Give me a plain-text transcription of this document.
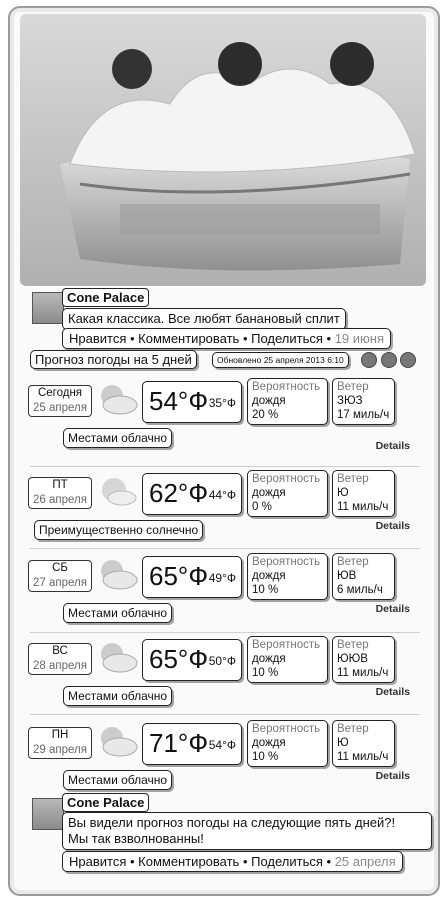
Cone Palace
Какая классика. Все любят банановый сплит
Нравится • Комментировать • Поделиться • 19 июня
Прогноз погоды на 5 дней	Обновлено 25 апреля 2013 6:10
Сегодня
25 апреля 54°Ф 35°Ф
Вероятность
дождя
20 %
Ветер
ЗЮЗ
17 миль/ч
Местами облачно
Details
ПТ
26 апреля 62°Ф 44°Ф
Вероятность
дождя
0 %
Ветер
Ю
11 миль/ч
Преимущественно солнечно	Details
СБ
27 апреля 65°Ф 49°Ф
Вероятность
дождя
10 %
Ветер
ЮВ
6 миль/ч
Местами облачно	Details
ВС
28 апреля 65°Ф 50°Ф
Вероятность
дождя
10 %
Ветер
ЮЮВ
11 миль/ч
Местами облачно	Details
ПН
29 апреля 71°Ф 54°Ф
Вероятность
дождя
10 %
Ветер
Ю
11 миль/ч
Местами облачно	Details
Cone Palace
Вы видели прогноз погоды на следующие пять дней?!
Мы так взволнованны!
Нравится • Комментировать • Поделиться • 25 апреля
